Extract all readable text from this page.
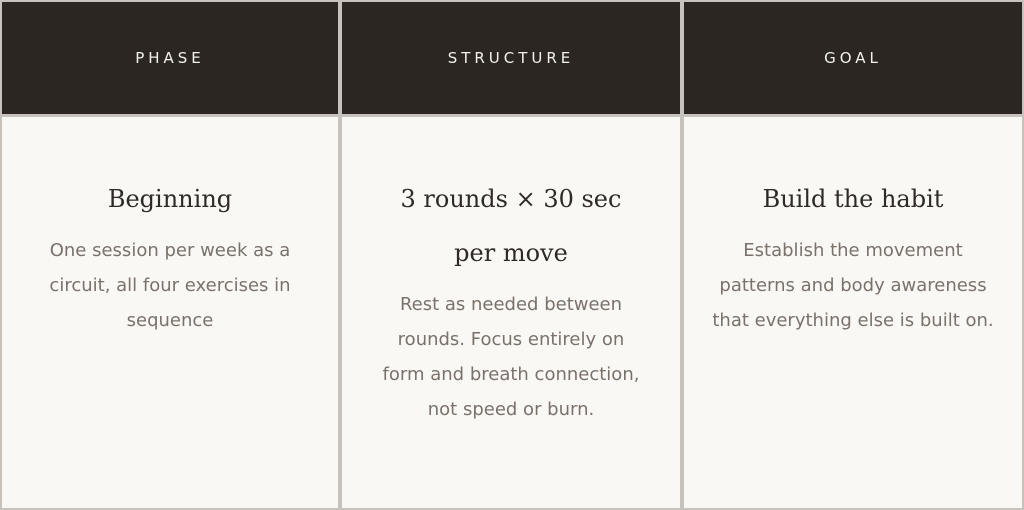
PHASE	STRUCTURE	GOAL
Beginning

One session per week as a circuit, all four exercises in sequence

3 rounds × 30 sec per move

Rest as needed between rounds. Focus entirely on form and breath connection, not speed or burn.

Build the habit

Establish the movement patterns and body awareness that everything else is built on.
